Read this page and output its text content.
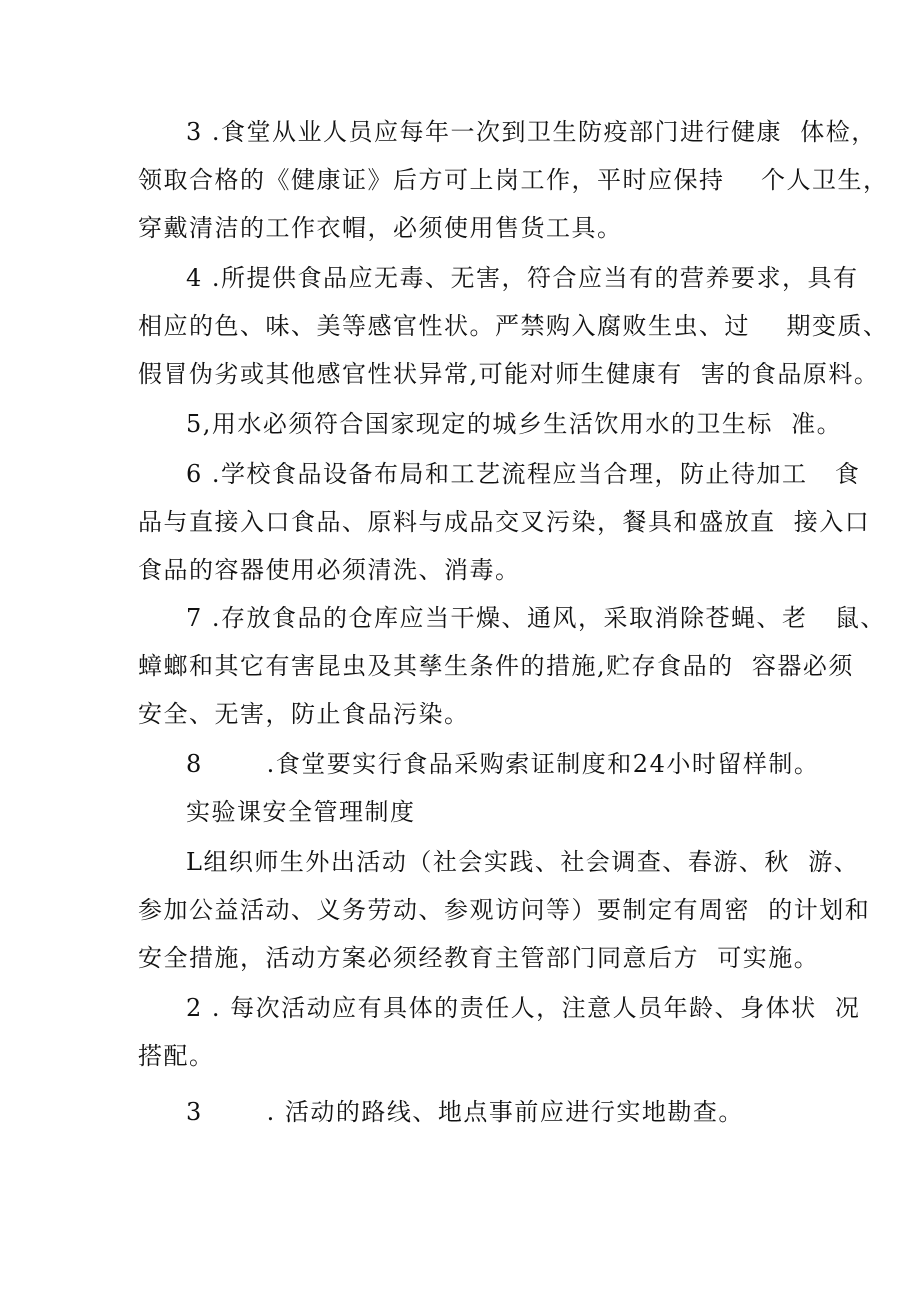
3 .食堂从业人员应每年一次到卫生防疫部门进行健康  体检，
领取合格的《健康证》后方可上岗工作，平时应保持    个人卫生，
穿戴清洁的工作衣帽，必须使用售货工具。
4 .所提供食品应无毒、无害，符合应当有的营养要求，具有
相应的色、味、美等感官性状。严禁购入腐败生虫、过    期变质、
假冒伪劣或其他感官性状异常,可能对师生健康有  害的食品原料。
5,用水必须符合国家现定的城乡生活饮用水的卫生标  准。
6 .学校食品设备布局和工艺流程应当合理，防止待加工   食
品与直接入口食品、原料与成品交叉污染，餐具和盛放直  接入口
食品的容器使用必须清洗、消毒。
7 .存放食品的仓库应当干燥、通风，采取消除苍蝇、老   鼠、
蟑螂和其它有害昆虫及其孳生条件的措施,贮存食品的  容器必须
安全、无害，防止食品污染。
8       .食堂要实行食品采购索证制度和24小时留样制。
实验课安全管理制度
L组织师生外出活动（社会实践、社会调查、春游、秋  游、
参加公益活动、义务劳动、参观访问等）要制定有周密  的计划和
安全措施，活动方案必须经教育主管部门同意后方  可实施。
2 . 每次活动应有具体的责任人，注意人员年龄、身体状  况
搭配。
3       . 活动的路线、地点事前应进行实地勘查。
